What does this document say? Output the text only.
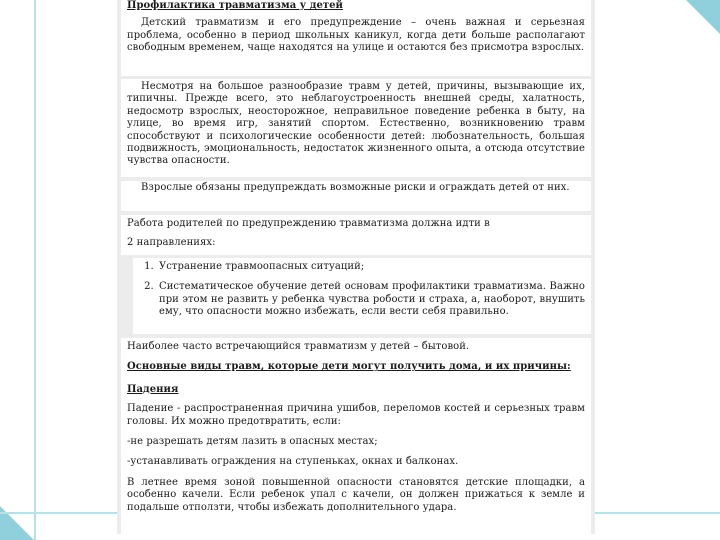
Профилактика травматизма у детей

Детский травматизм и его предупреждение – очень важная и серьезная проблема, особенно в период школьных каникул, когда дети больше располагают свободным временем, чаще находятся на улице и остаются без присмотра взрослых.

Несмотря на большое разнообразие травм у детей, причины, вызывающие их, типичны. Прежде всего, это неблагоустроенность внешней среды, халатность, недосмотр взрослых, неосторожное, неправильное поведение ребенка в быту, на улице, во время игр, занятий спортом. Естественно, возникновению травм способствуют и психологические особенности детей: любознательность, большая подвижность, эмоциональность, недостаток жизненного опыта, а отсюда отсутствие чувства опасности.

Взрослые обязаны предупреждать возможные риски и ограждать детей от них.

Работа родителей по предупреждению травматизма должна идти в

2 направлениях:

1. Устранение травмоопасных ситуаций;
2. Систематическое обучение детей основам профилактики травматизма. Важно при этом не развить у ребенка чувства робости и страха, а, наоборот, внушить ему, что опасности можно избежать, если вести себя правильно.

Наиболее часто встречающийся травматизм у детей – бытовой.

Основные виды травм, которые дети могут получить дома, и их причины:

Падения

Падение - распространенная причина ушибов, переломов костей и серьезных травм головы. Их можно предотвратить, если:

-не разрешать детям лазить в опасных местах;

-устанавливать ограждения на ступеньках, окнах и балконах.

В летнее время зоной повышенной опасности становятся детские площадки, а особенно качели. Если ребенок упал с качели, он должен прижаться к земле и подальше отползти, чтобы избежать дополнительного удара.
